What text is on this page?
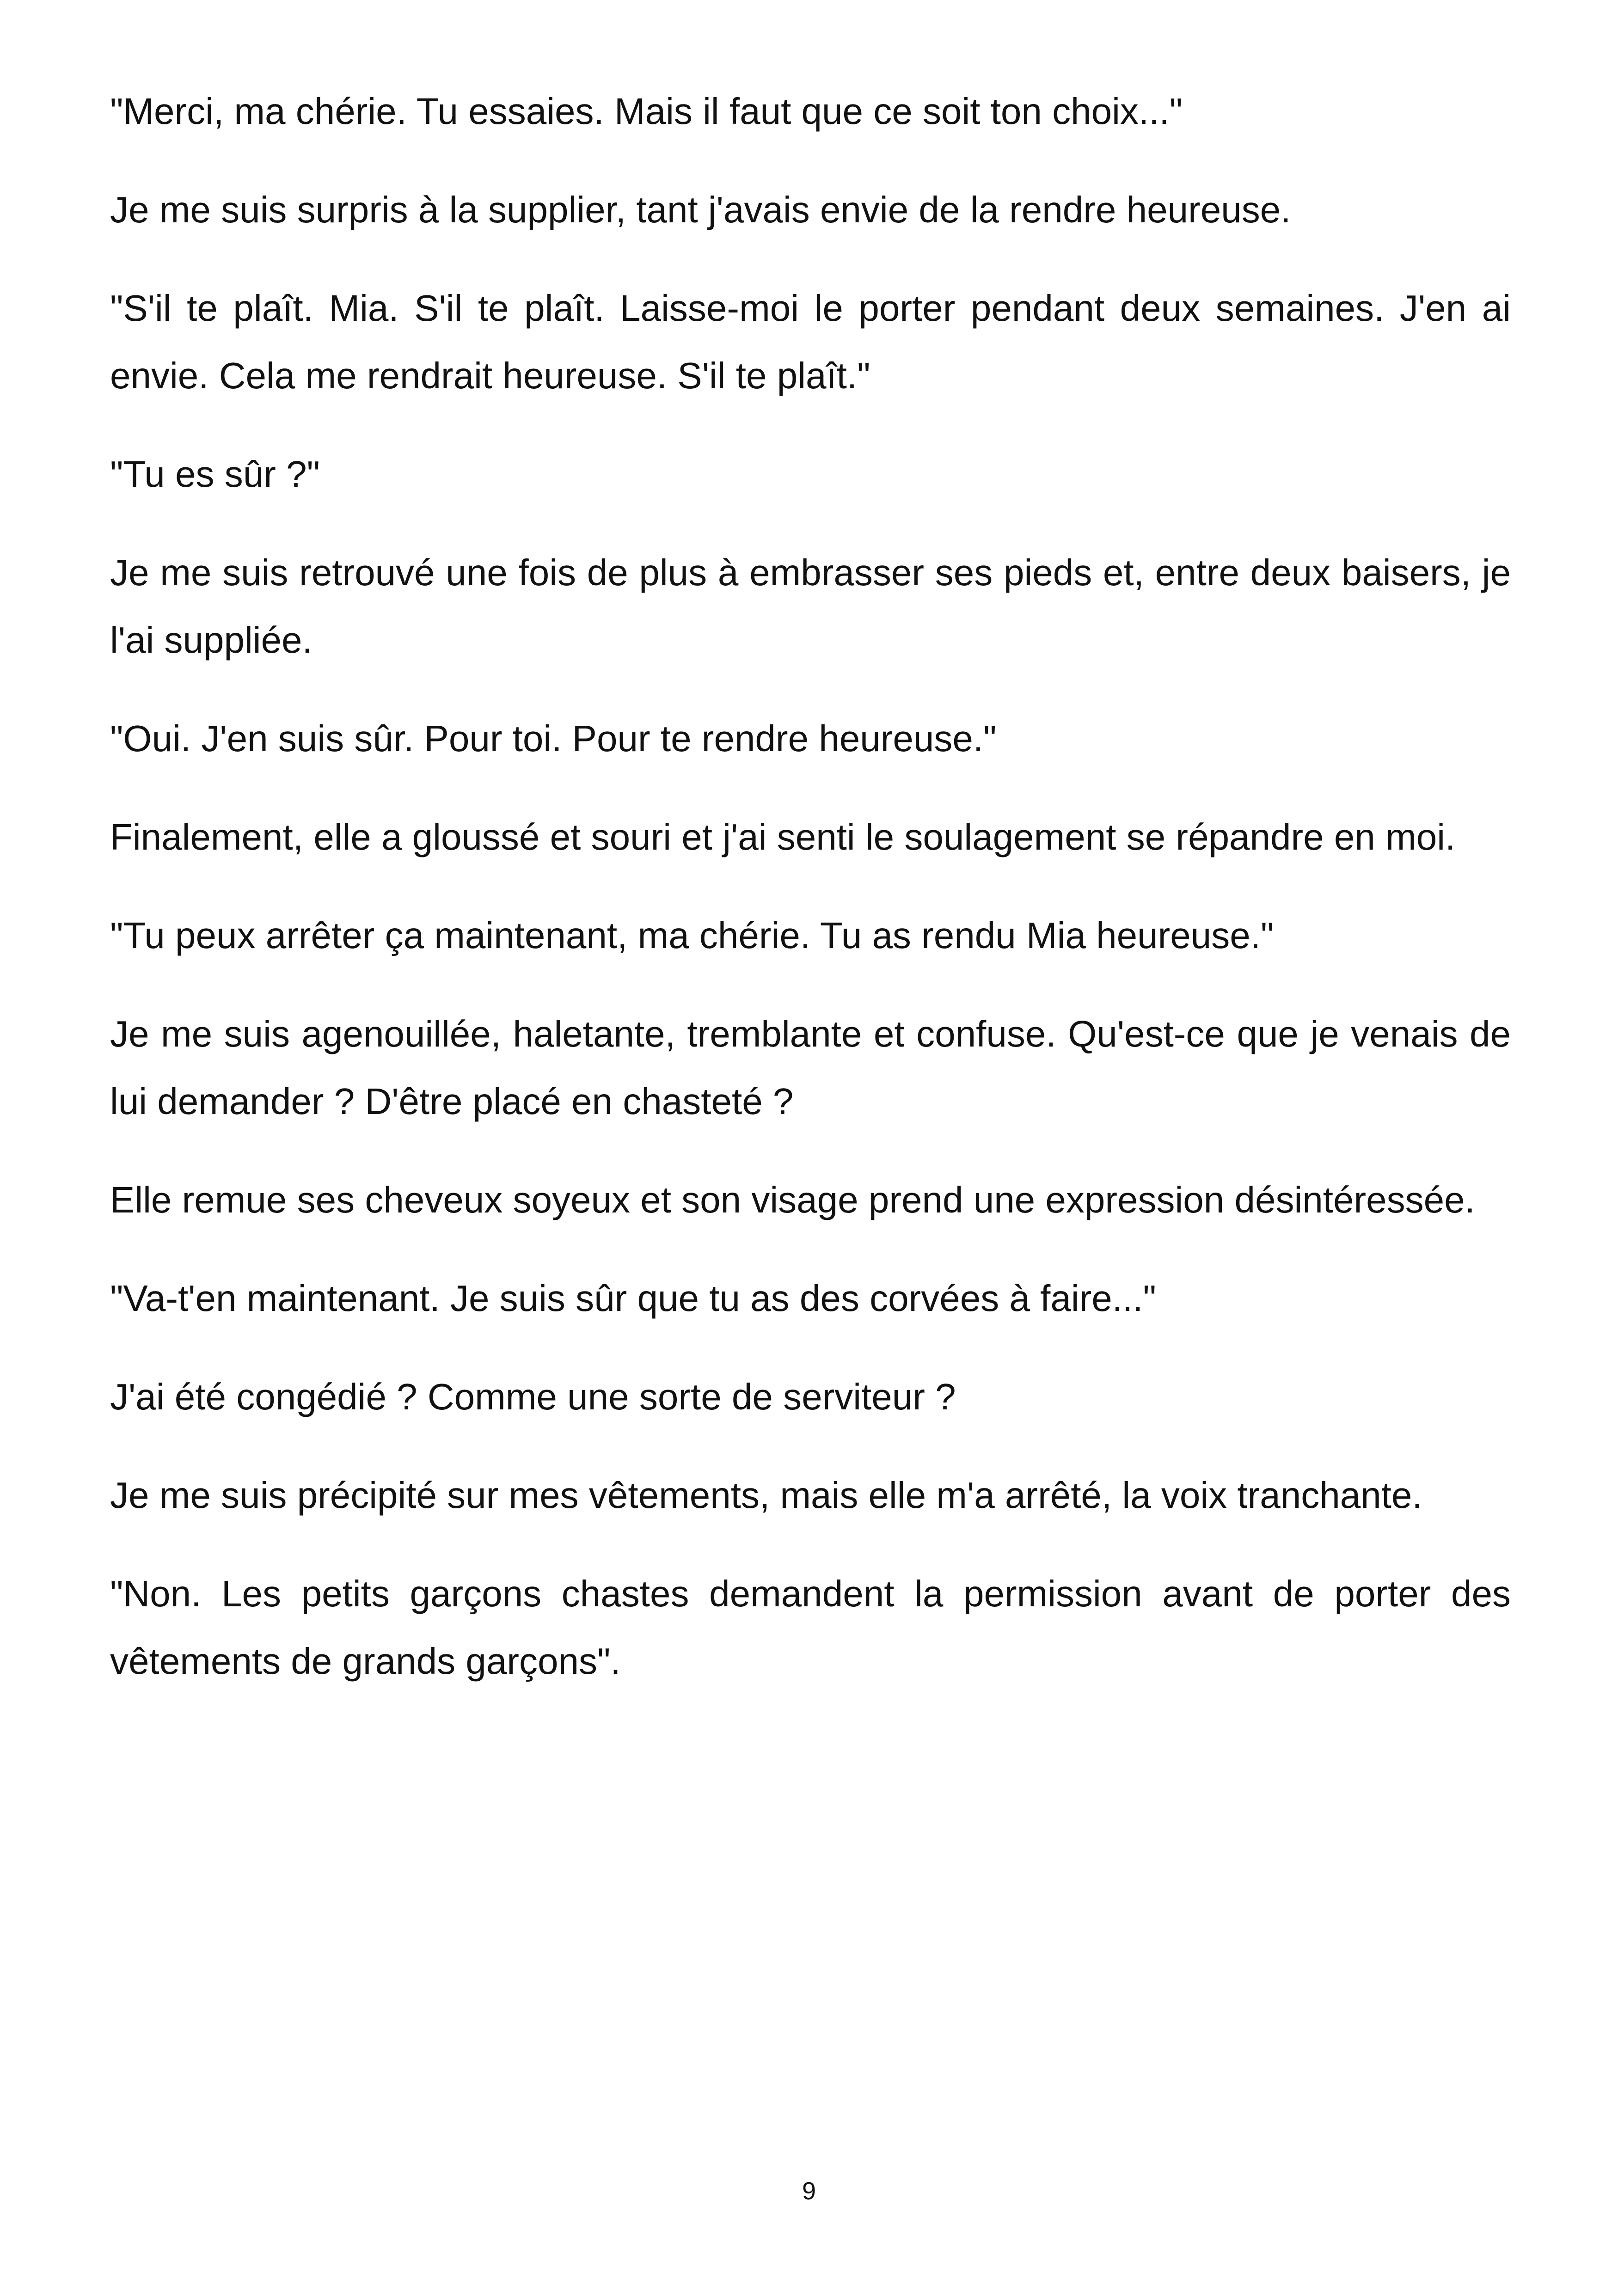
"Merci, ma chérie. Tu essaies. Mais il faut que ce soit ton choix..."

Je me suis surpris à la supplier, tant j'avais envie de la rendre heureuse.

"S'il te plaît. Mia. S'il te plaît. Laisse-moi le porter pendant deux semaines. J'en ai envie. Cela me rendrait heureuse. S'il te plaît."

"Tu es sûr ?"

Je me suis retrouvé une fois de plus à embrasser ses pieds et, entre deux baisers, je l'ai suppliée.

"Oui. J'en suis sûr. Pour toi. Pour te rendre heureuse."

Finalement, elle a gloussé et souri et j'ai senti le soulagement se répandre en moi.

"Tu peux arrêter ça maintenant, ma chérie. Tu as rendu Mia heureuse."

Je me suis agenouillée, haletante, tremblante et confuse. Qu'est-ce que je venais de lui demander ? D'être placé en chasteté ?

Elle remue ses cheveux soyeux et son visage prend une expression désintéressée.

"Va-t'en maintenant. Je suis sûr que tu as des corvées à faire..."

J'ai été congédié ? Comme une sorte de serviteur ?

Je me suis précipité sur mes vêtements, mais elle m'a arrêté, la voix tranchante.

"Non. Les petits garçons chastes demandent la permission avant de porter des vêtements de grands garçons".

9
